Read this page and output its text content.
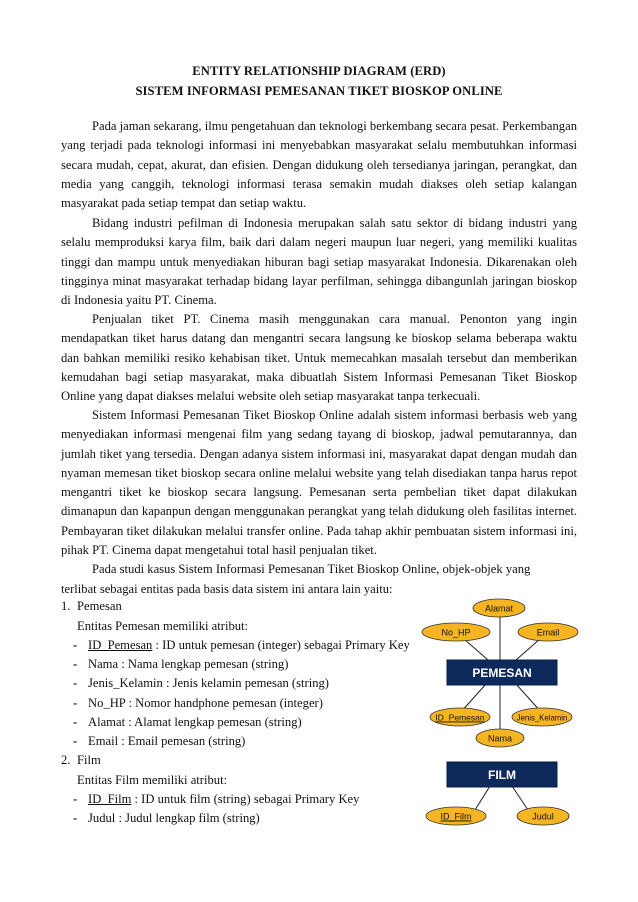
ENTITY RELATIONSHIP DIAGRAM (ERD)
SISTEM INFORMASI PEMESANAN TIKET BIOSKOP ONLINE

Pada jaman sekarang, ilmu pengetahuan dan teknologi berkembang secara pesat. Perkembangan yang terjadi pada teknologi informasi ini menyebabkan masyarakat selalu membutuhkan informasi secara mudah, cepat, akurat, dan efisien. Dengan didukung oleh tersedianya jaringan, perangkat, dan media yang canggih, teknologi informasi terasa semakin mudah diakses oleh setiap kalangan masyarakat pada setiap tempat dan setiap waktu.

Bidang industri pefilman di Indonesia merupakan salah satu sektor di bidang industri yang selalu memproduksi karya film, baik dari dalam negeri maupun luar negeri, yang memiliki kualitas tinggi dan mampu untuk menyediakan hiburan bagi setiap masyarakat Indonesia. Dikarenakan oleh tingginya minat masyarakat terhadap bidang layar perfilman, sehingga dibangunlah jaringan bioskop di Indonesia yaitu PT. Cinema.

Penjualan tiket PT. Cinema masih menggunakan cara manual. Penonton yang ingin mendapatkan tiket harus datang dan mengantri secara langsung ke bioskop selama beberapa waktu dan bahkan memiliki resiko kehabisan tiket. Untuk memecahkan masalah tersebut dan memberikan kemudahan bagi setiap masyarakat, maka dibuatlah Sistem Informasi Pemesanan Tiket Bioskop Online yang dapat diakses melalui website oleh setiap masyarakat tanpa terkecuali.

Sistem Informasi Pemesanan Tiket Bioskop Online adalah sistem informasi berbasis web yang menyediakan informasi mengenai film yang sedang tayang di bioskop, jadwal pemutarannya, dan jumlah tiket yang tersedia. Dengan adanya sistem informasi ini, masyarakat dapat dengan mudah dan nyaman memesan tiket bioskop secara online melalui website yang telah disediakan tanpa harus repot mengantri tiket ke bioskop secara langsung. Pemesanan serta pembelian tiket dapat dilakukan dimanapun dan kapanpun dengan menggunakan perangkat yang telah didukung oleh fasilitas internet. Pembayaran tiket dilakukan melalui transfer online. Pada tahap akhir pembuatan sistem informasi ini, pihak PT. Cinema dapat mengetahui total hasil penjualan tiket.

Pada studi kasus Sistem Informasi Pemesanan Tiket Bioskop Online, objek-objek yang

terlibat sebagai entitas pada basis data sistem ini antara lain yaitu:
1. Pemesan
Entitas Pemesan memiliki atribut:
- ID_Pemesan : ID untuk pemesan (integer) sebagai Primary Key
- Nama : Nama lengkap pemesan (string)
- Jenis_Kelamin : Jenis kelamin pemesan (string)
- No_HP : Nomor handphone pemesan (integer)
- Alamat : Alamat lengkap pemesan (string)
- Email : Email pemesan (string)
2. Film
Entitas Film memiliki atribut:
- ID_Film : ID untuk film (string) sebagai Primary Key
- Judul : Judul lengkap film (string)
PEMESAN
Alamat
No_HP	Email
ID_Pemesan	Jenis_Kelamin
Nama
FILM
ID_Film	Judul
